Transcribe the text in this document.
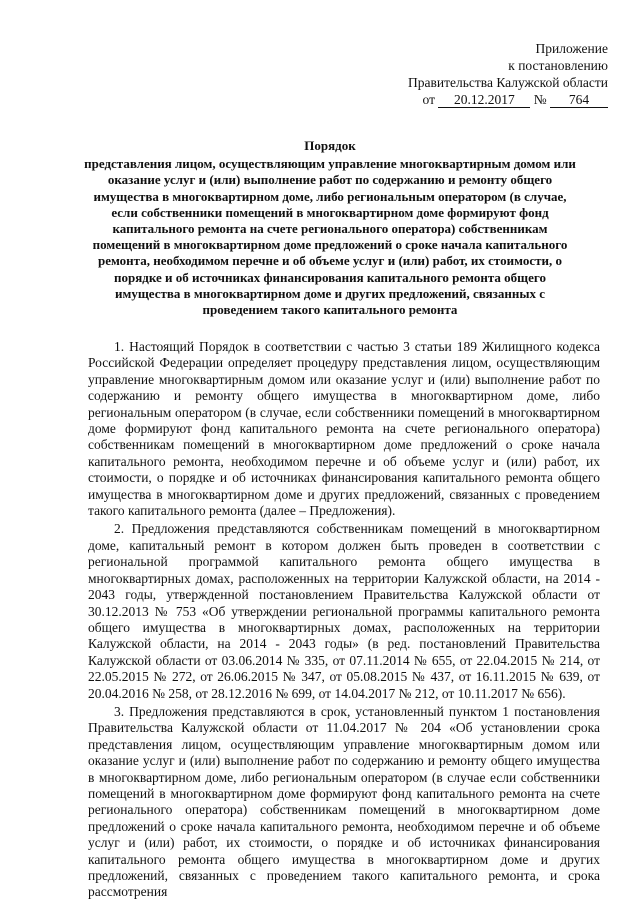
Приложение
к постановлению
Правительства Калужской области
от 20.12.2017 № 764
Порядок
представления лицом, осуществляющим управление многоквартирным домом или оказание услуг и (или) выполнение работ по содержанию и ремонту общего имущества в многоквартирном доме, либо региональным оператором (в случае, если собственники помещений в многоквартирном доме формируют фонд капитального ремонта на счете регионального оператора) собственникам помещений в многоквартирном доме предложений о сроке начала капитального ремонта, необходимом перечне и об объеме услуг и (или) работ, их стоимости, о порядке и об источниках финансирования капитального ремонта общего имущества в многоквартирном доме и других предложений, связанных с проведением такого капитального ремонта

1. Настоящий Порядок в соответствии с частью 3 статьи 189 Жилищного кодекса Российской Федерации определяет процедуру представления лицом, осуществляющим управление многоквартирным домом или оказание услуг и (или) выполнение работ по содержанию и ремонту общего имущества в многоквартирном доме, либо региональным оператором (в случае, если собственники помещений в многоквартирном доме формируют фонд капитального ремонта на счете регионального оператора) собственникам помещений в многоквартирном доме предложений о сроке начала капитального ремонта, необходимом перечне и об объеме услуг и (или) работ, их стоимости, о порядке и об источниках финансирования капитального ремонта общего имущества в многоквартирном доме и других предложений, связанных с проведением такого капитального ремонта (далее – Предложения).

2. Предложения представляются собственникам помещений в многоквартирном доме, капитальный ремонт в котором должен быть проведен в соответствии с региональной программой капитального ремонта общего имущества в многоквартирных домах, расположенных на территории Калужской области, на 2014 - 2043 годы, утвержденной постановлением Правительства Калужской области от 30.12.2013 № 753 «Об утверждении региональной программы капитального ремонта общего имущества в многоквартирных домах, расположенных на территории Калужской области, на 2014 - 2043 годы» (в ред. постановлений Правительства Калужской области от 03.06.2014 № 335, от 07.11.2014 № 655, от 22.04.2015 № 214, от 22.05.2015 № 272, от 26.06.2015 № 347, от 05.08.2015 № 437, от 16.11.2015 № 639, от 20.04.2016 № 258, от 28.12.2016 № 699, от 14.04.2017 № 212, от 10.11.2017 № 656).

3. Предложения представляются в срок, установленный пунктом 1 постановления Правительства Калужской области от 11.04.2017 № 204 «Об установлении срока представления лицом, осуществляющим управление многоквартирным домом или оказание услуг и (или) выполнение работ по содержанию и ремонту общего имущества в многоквартирном доме, либо региональным оператором (в случае если собственники помещений в многоквартирном доме формируют фонд капитального ремонта на счете регионального оператора) собственникам помещений в многоквартирном доме предложений о сроке начала капитального ремонта, необходимом перечне и об объеме услуг и (или) работ, их стоимости, о порядке и об источниках финансирования капитального ремонта общего имущества в многоквартирном доме и других предложений, связанных с проведением такого капитального ремонта, и срока рассмотрения
